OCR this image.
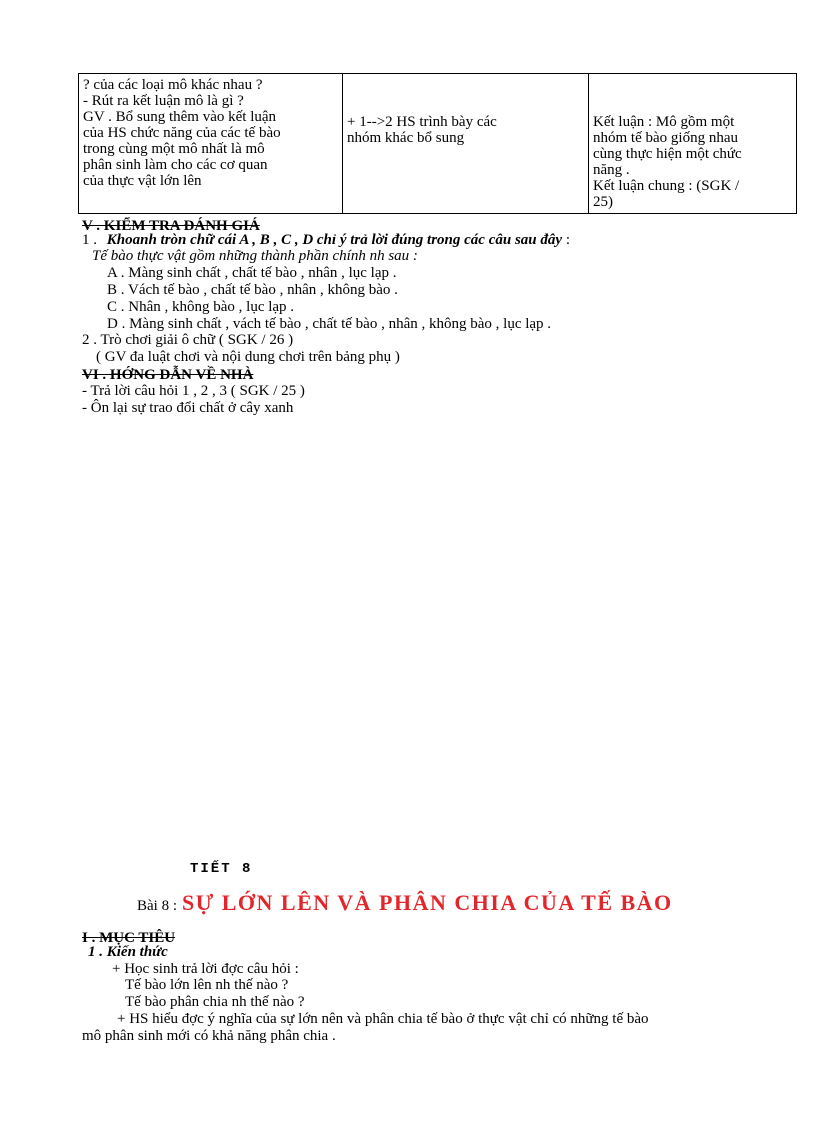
? của các loại mô khác nhau ?
- Rút ra kết luận mô là gì ?
GV . Bổ sung thêm vào kết luận
của HS chức năng của các tế bào
trong cùng một mô nhất là mô
phân sinh làm cho các cơ quan
của thực vật lớn lên

+ 1-->2 HS trình bày các
nhóm khác bổ sung

Kết luận : Mô gồm một
nhóm tế bào giống nhau
cùng thực hiện một chức
năng .
Kết luận chung : (SGK /
25)
V . KIỂM TRA ĐÁNH GIÁ
1 . Khoanh tròn chữ cái A , B , C , D chỉ ý trả lời đúng trong các câu sau đây :
Tế bào thực vật gồm những thành phần chính nh sau :
A . Màng sinh chất , chất tế bào , nhân , lục lạp .
B . Vách tế bào , chất tế bào , nhân , không bào .
C . Nhân , không bào , lục lạp .
D . Màng sinh chất , vách tế bào , chất tế bào , nhân , không bào , lục lạp .
2 . Trò chơi giải ô chữ ( SGK / 26 )
( GV đa luật chơi và nội dung chơi trên bảng phụ )
VI . HỚNG DẪN VỀ NHÀ
- Trả lời câu hỏi 1 , 2 , 3 ( SGK / 25 )
- Ôn lại sự trao đổi chất ở cây xanh
TIẾT 8
Bài 8 : SỰ LỚN LÊN VÀ PHÂN CHIA CỦA TẾ BÀO
I . MỤC TIÊU
1 . Kiến thức
+ Học sinh trả lời đợc câu hỏi :
Tế bào lớn lên nh thế nào ?
Tế bào phân chia nh thế nào ?
+ HS hiểu đợc ý nghĩa của sự lớn nên và phân chia tế bào ở thực vật chỉ có những tế bào
mô phân sinh mới có khả năng phân chia .
